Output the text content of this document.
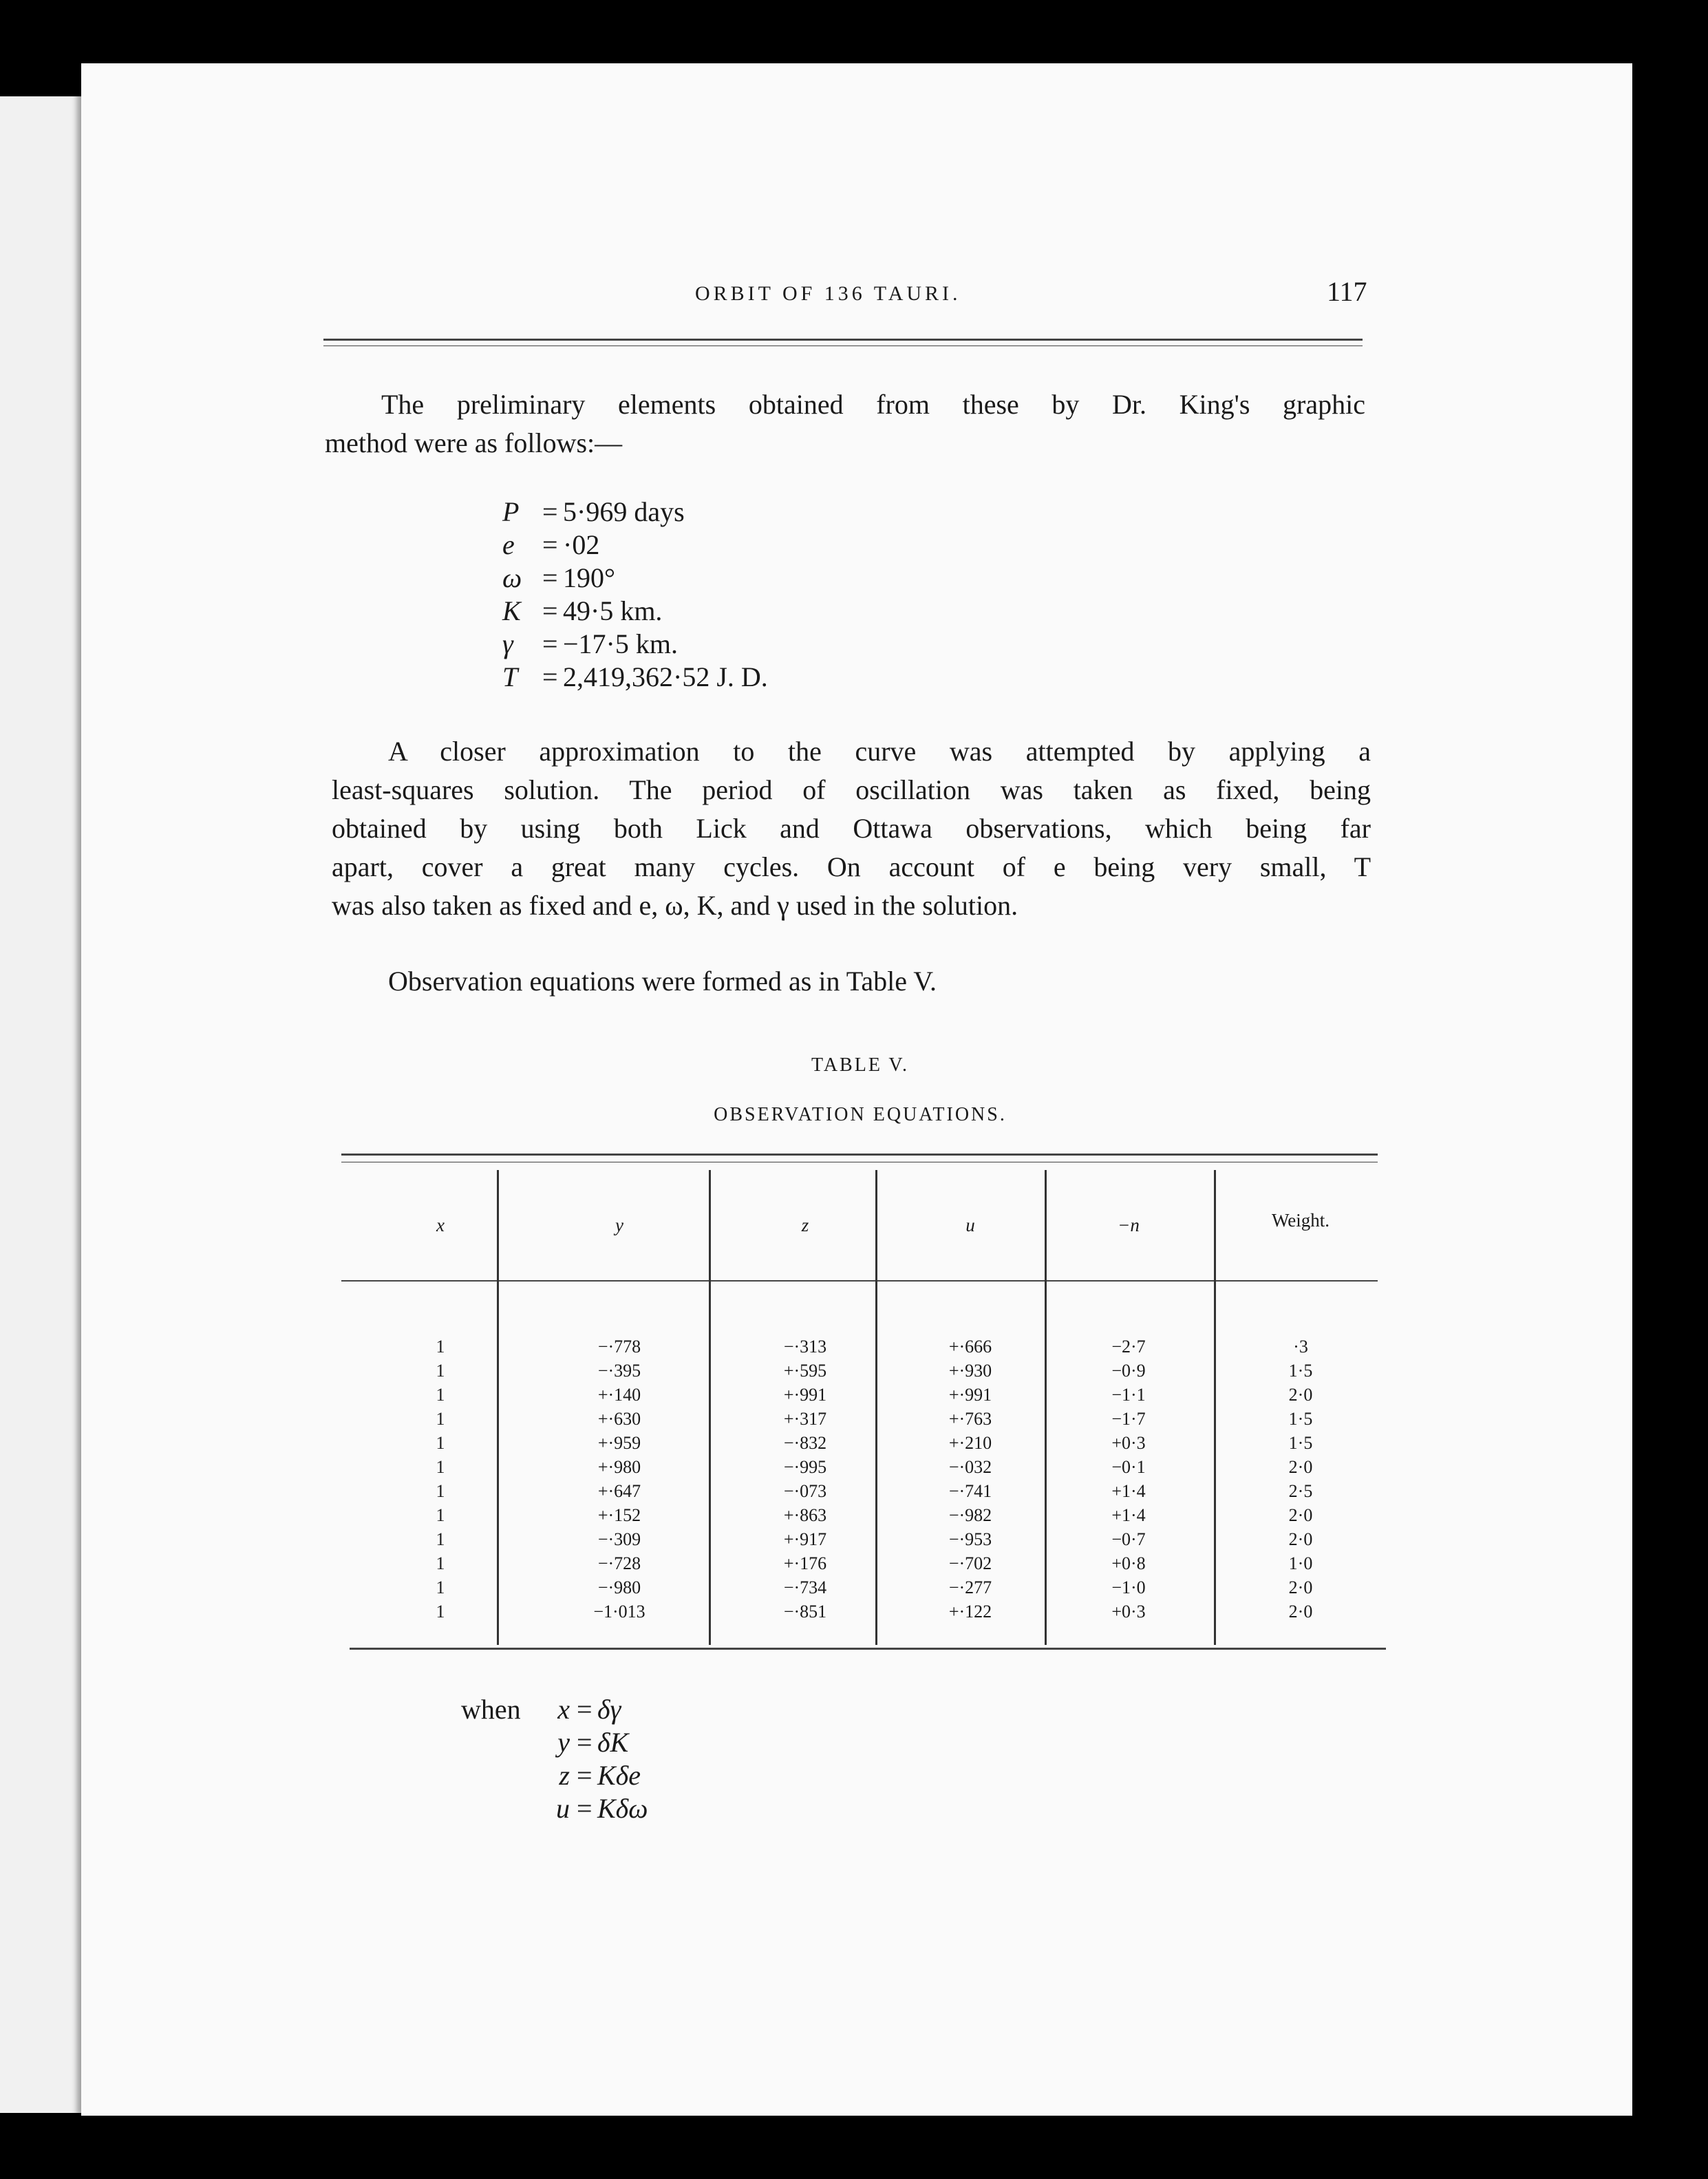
ORBIT OF 136 TAURI.	117
The preliminary elements obtained from these by Dr. King's graphic
method were as follows:—
P = 5·969 days
e = ·02
ω = 190°
K = 49·5 km.
γ = −17·5 km.
T = 2,419,362·52 J. D.
A closer approximation to the curve was attempted by applying a
least-squares solution. The period of oscillation was taken as fixed, being
obtained by using both Lick and Ottawa observations, which being far
apart, cover a great many cycles. On account of e being very small, T
was also taken as fixed and e, ω, K, and γ used in the solution.
Observation equations were formed as in Table V.
TABLE V.
OBSERVATION EQUATIONS.
x	y	z	u	−n	Weight.
1	−·778	−·313	+·666	−2·7	·3
1	−·395	+·595	+·930	−0·9	1·5
1	+·140	+·991	+·991	−1·1	2·0
1	+·630	+·317	+·763	−1·7	1·5
1	+·959	−·832	+·210	+0·3	1·5
1	+·980	−·995	−·032	−0·1	2·0
1	+·647	−·073	−·741	+1·4	2·5
1	+·152	+·863	−·982	+1·4	2·0
1	−·309	+·917	−·953	−0·7	2·0
1	−·728	+·176	−·702	+0·8	1·0
1	−·980	−·734	−·277	−1·0	2·0
1	−1·013	−·851	+·122	+0·3	2·0
when x = δγ
y = δK
z = Kδe
u = Kδω
